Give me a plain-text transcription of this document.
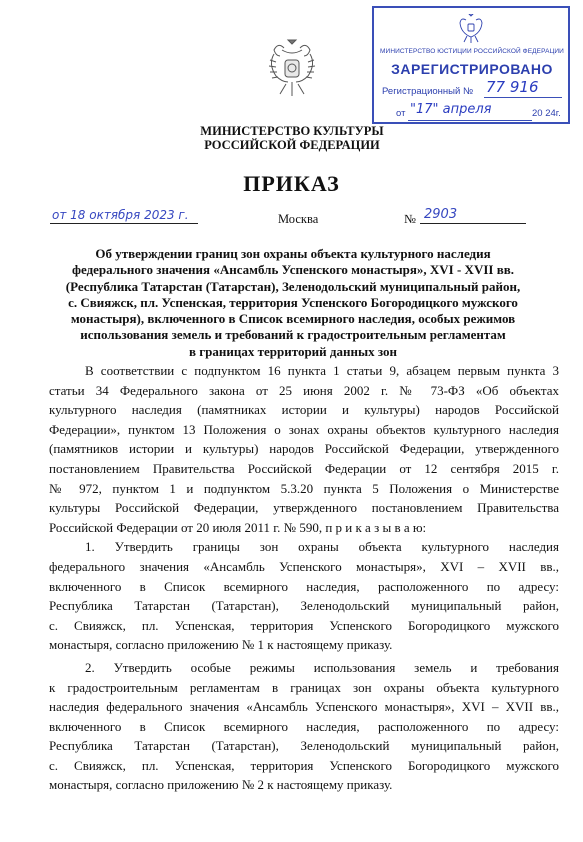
МИНИСТЕРСТВО ЮСТИЦИИ РОССИЙСКОЙ ФЕДЕРАЦИИ
ЗАРЕГИСТРИРОВАНО
Регистрационный № 77 916
от "17" апреля	20 24г.
МИНИСТЕРСТВО КУЛЬТУРЫ
РОССИЙСКОЙ ФЕДЕРАЦИИ
ПРИКАЗ
от 18 октября 2023 г.	Москва	№ 2903
Об утверждении границ зон охраны объекта культурного наследия
федерального значения «Ансамбль Успенского монастыря», XVI - XVII вв.
(Республика Татарстан (Татарстан), Зеленодольский муниципальный район,
с. Свияжск, пл. Успенская, территория Успенского Богородицкого мужского
монастыря), включенного в Список всемирного наследия, особых режимов
использования земель и требований к градостроительным регламентам
в границах территорий данных зон
В соответствии с подпунктом 16 пункта 1 статьи 9, абзацем первым пункта 3
статьи 34 Федерального закона от 25 июня 2002 г. № 73-ФЗ «Об объектах
культурного наследия (памятниках истории и культуры) народов Российской
Федерации», пунктом 13 Положения о зонах охраны объектов культурного наследия
(памятников истории и культуры) народов Российской Федерации, утвержденного
постановлением Правительства Российской Федерации от 12 сентября 2015 г.
№ 972, пунктом 1 и подпунктом 5.3.20 пункта 5 Положения о Министерстве
культуры Российской Федерации, утвержденного постановлением Правительства
Российской Федерации от 20 июля 2011 г. № 590, п р и к а з ы в а ю:
1. Утвердить границы зон охраны объекта культурного наследия
федерального значения «Ансамбль Успенского монастыря», XVI – XVII вв.,
включенного в Список всемирного наследия, расположенного по адресу:
Республика Татарстан (Татарстан), Зеленодольский муниципальный район,
с. Свияжск, пл. Успенская, территория Успенского Богородицкого мужского
монастыря, согласно приложению № 1 к настоящему приказу.
2. Утвердить особые режимы использования земель и требования
к градостроительным регламентам в границах зон охраны объекта культурного
наследия федерального значения «Ансамбль Успенского монастыря», XVI – XVII вв.,
включенного в Список всемирного наследия, расположенного по адресу:
Республика Татарстан (Татарстан), Зеленодольский муниципальный район,
с. Свияжск, пл. Успенская, территория Успенского Богородицкого мужского
монастыря, согласно приложению № 2 к настоящему приказу.
